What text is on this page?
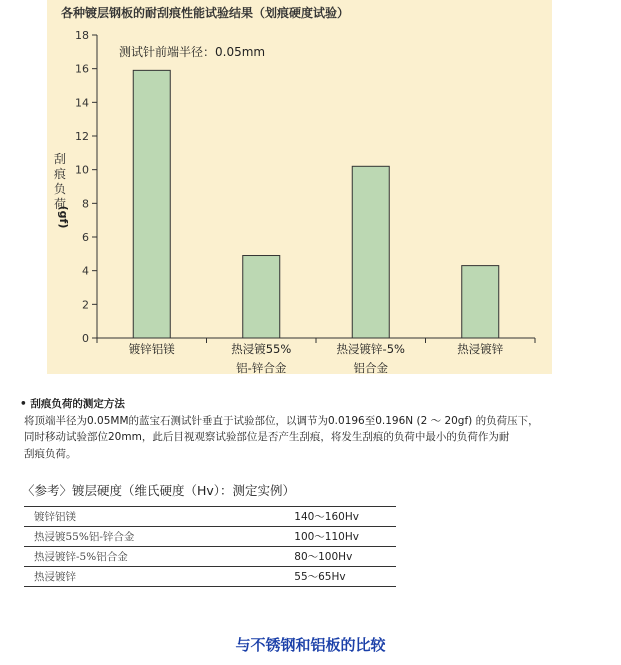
各种镀层钢板的耐刮痕性能试验结果（划痕硬度试验）
0
2
4
6
8
10
12
14
16
18
镀锌铝镁	热浸镀55%
铝-锌合金
热浸镀锌-5%
铝合金
热浸镀锌
测试针前端半径：0.05mm
刮
痕
负
荷
(gf)
• 刮痕负荷的测定方法
将顶端半径为0.05MM的蓝宝石测试针垂直于试验部位，以调节为0.0196至0.196N (2 ～ 20gf) 的负荷压下，
同时移动试验部位20mm，此后目视观察试验部位是否产生刮痕，将发生刮痕的负荷中最小的负荷作为耐
刮痕负荷。
〈参考〉镀层硬度（维氏硬度（Hv）：测定实例）
镀锌铝镁	140～160Hv
热浸镀55%铝-锌合金	100～110Hv
热浸镀锌-5%铝合金	80～100Hv
热浸镀锌	55～65Hv
与不锈钢和铝板的比较
